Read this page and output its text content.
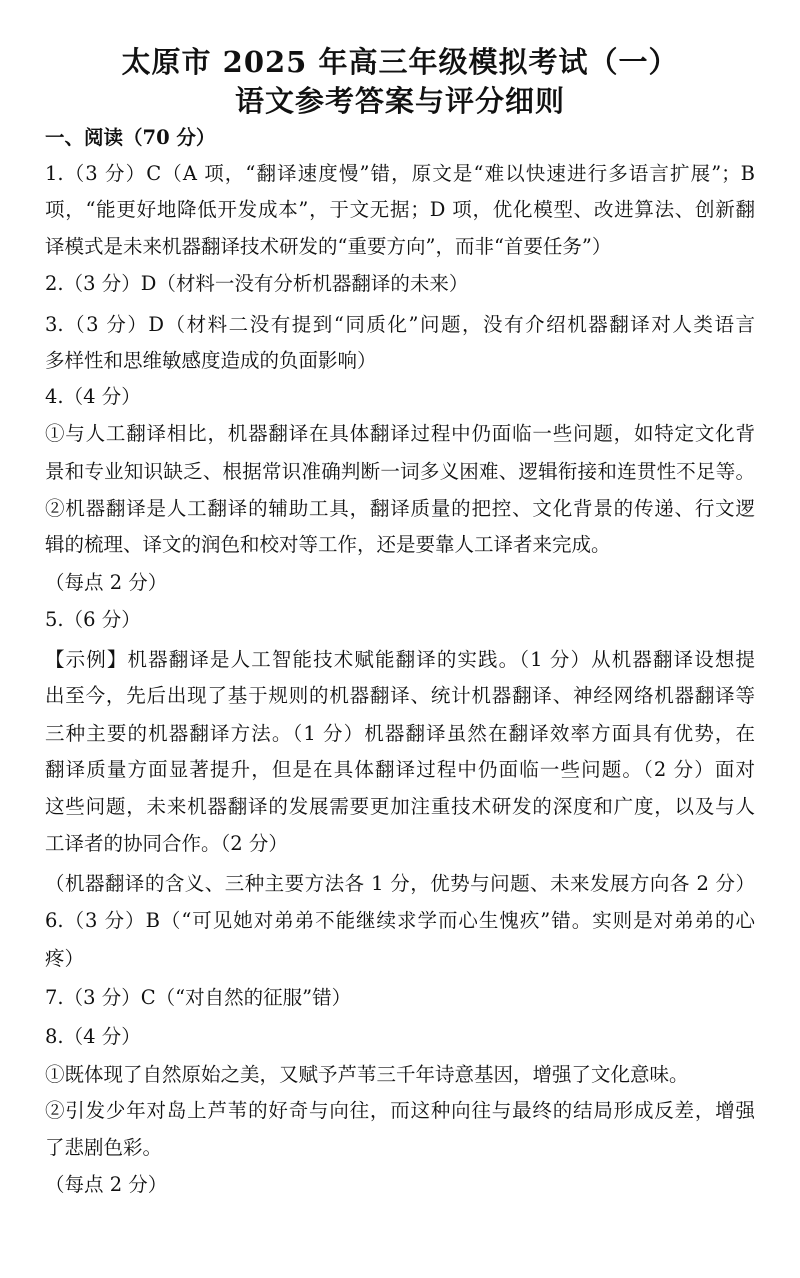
太原市 2025 年高三年级模拟考试（一）
语文参考答案与评分细则
一、阅读（70 分）
1.（3 分）C（A 项，“翻译速度慢”错，原文是“难以快速进行多语言扩展”；B
项，“能更好地降低开发成本”，于文无据；D 项，优化模型、改进算法、创新翻
译模式是未来机器翻译技术研发的“重要方向”，而非“首要任务”）
2.（3 分）D（材料一没有分析机器翻译的未来）
3.（3 分）D（材料二没有提到“同质化”问题，没有介绍机器翻译对人类语言
多样性和思维敏感度造成的负面影响）
4.（4 分）
①与人工翻译相比，机器翻译在具体翻译过程中仍面临一些问题，如特定文化背
景和专业知识缺乏、根据常识准确判断一词多义困难、逻辑衔接和连贯性不足等。
②机器翻译是人工翻译的辅助工具，翻译质量的把控、文化背景的传递、行文逻
辑的梳理、译文的润色和校对等工作，还是要靠人工译者来完成。
（每点 2 分）
5.（6 分）
【示例】机器翻译是人工智能技术赋能翻译的实践。（1 分）从机器翻译设想提
出至今，先后出现了基于规则的机器翻译、统计机器翻译、神经网络机器翻译等
三种主要的机器翻译方法。（1 分）机器翻译虽然在翻译效率方面具有优势，在
翻译质量方面显著提升，但是在具体翻译过程中仍面临一些问题。（2 分）面对
这些问题，未来机器翻译的发展需要更加注重技术研发的深度和广度，以及与人
工译者的协同合作。（2 分）
（机器翻译的含义、三种主要方法各 1 分，优势与问题、未来发展方向各 2 分）
6.（3 分）B（“可见她对弟弟不能继续求学而心生愧疚”错。实则是对弟弟的心
疼）
7.（3 分）C（“对自然的征服”错）
8.（4 分）
①既体现了自然原始之美，又赋予芦苇三千年诗意基因，增强了文化意味。
②引发少年对岛上芦苇的好奇与向往，而这种向往与最终的结局形成反差，增强
了悲剧色彩。
（每点 2 分）
